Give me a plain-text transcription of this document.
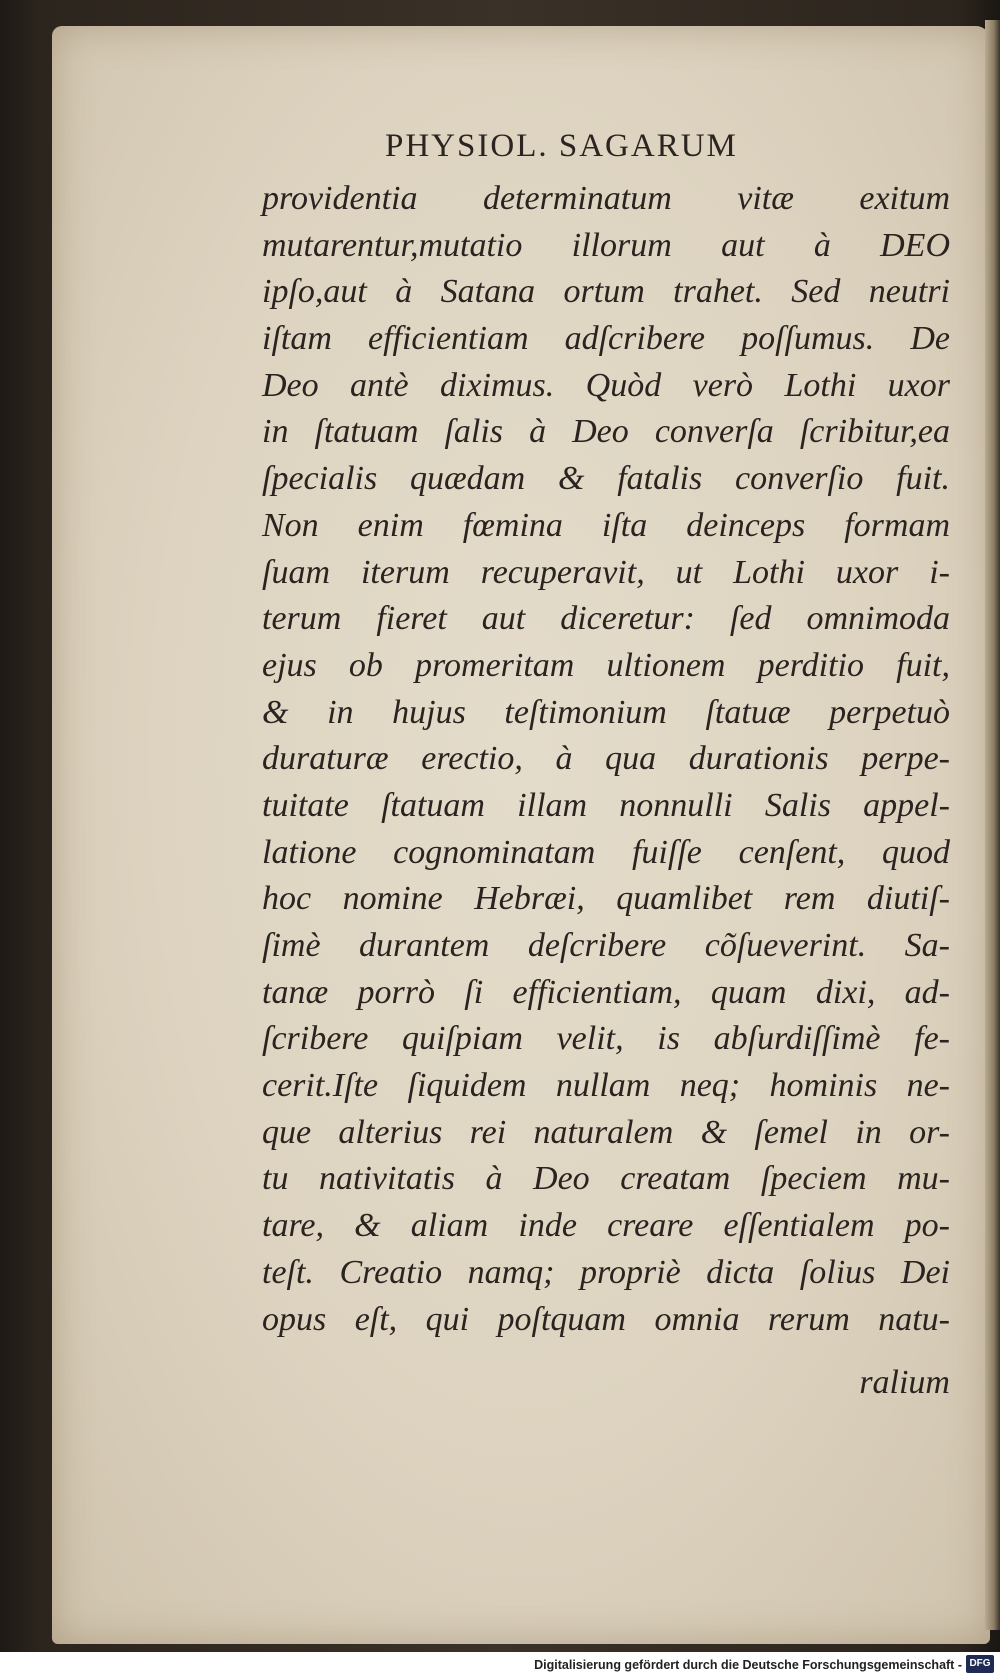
PHYSIOL. SAGARUM
providentia determinatum vitæ exitum
mutarentur,mutatio illorum aut à DEO
ipſo,aut à Satana ortum trahet. Sed neutri
iſtam efficientiam adſcribere poſſumus. De
Deo antè diximus. Quòd verò Lothi uxor
in ſtatuam ſalis à Deo converſa ſcribitur,ea
ſpecialis quædam & fatalis converſio fuit.
Non enim fœmina iſta deinceps formam
ſuam iterum recuperavit, ut Lothi uxor i-
terum fieret aut diceretur: ſed omnimoda
ejus ob promeritam ultionem perditio fuit,
& in hujus teſtimonium ſtatuæ perpetuò
duraturæ erectio, à qua durationis perpe-
tuitate ſtatuam illam nonnulli Salis appel-
latione cognominatam fuiſſe cenſent, quod
hoc nomine Hebræi, quamlibet rem diutiſ-
ſimè durantem deſcribere cõſueverint. Sa-
tanæ porrò ſi efficientiam, quam dixi, ad-
ſcribere quiſpiam velit, is abſurdiſſimè fe-
cerit.Iſte ſiquidem nullam neq; hominis ne-
que alterius rei naturalem & ſemel in or-
tu nativitatis à Deo creatam ſpeciem mu-
tare, & aliam inde creare eſſentialem po-
teſt. Creatio namq; propriè dicta ſolius Dei
opus eſt, qui poſtquam omnia rerum natu-
ralium
Digitalisierung gefördert durch die Deutsche Forschungsgemeinschaft - DFG
